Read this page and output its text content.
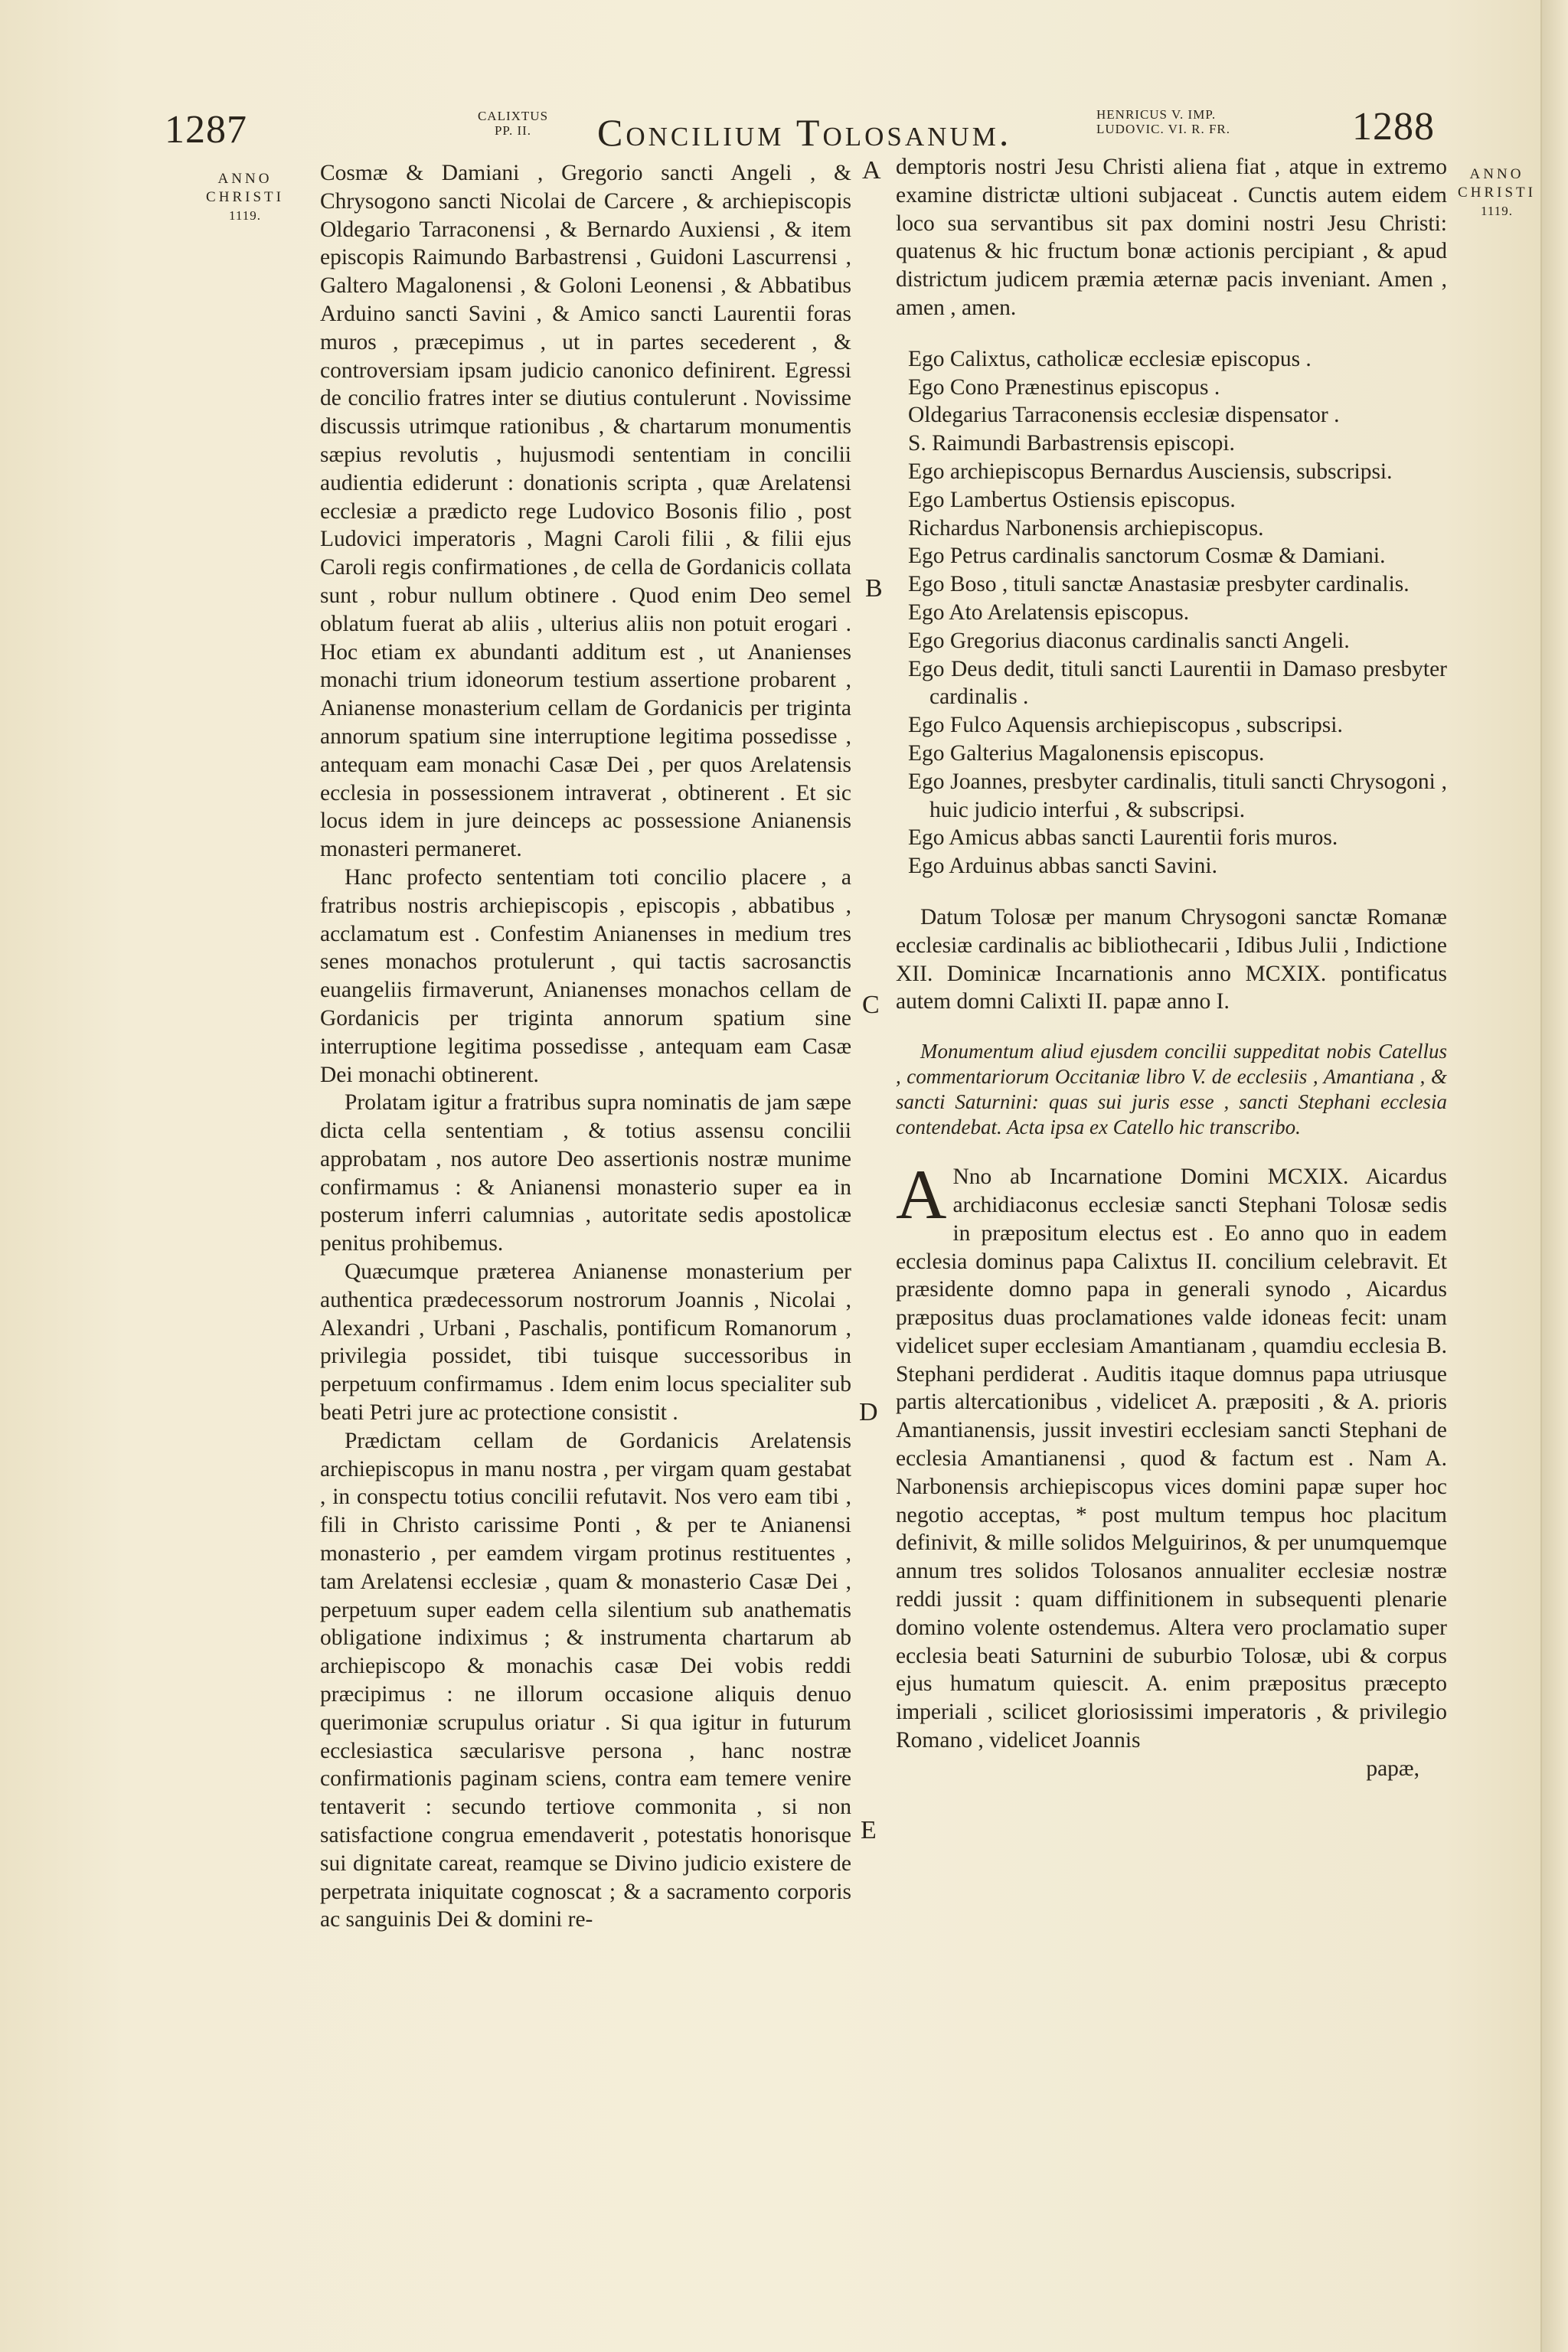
1287	CALIXTUS
PP. II.	Concilium Tolosanum.	HENRICUS V. IMP.
LUDOVIC. VI. R. FR.	1288
ANNO
CHRISTI
1119.
ANNO
CHRISTI
1119.
A
B
C
D
E

Cosmæ & Damiani , Gregorio sancti Angeli , & Chrysogono sancti Nicolai de Carcere , & archiepiscopis Oldegario Tarraconensi , & Bernardo Auxiensi , & item episcopis Raimundo Barbastrensi , Guidoni Lascurrensi , Galtero Magalonensi , & Goloni Leonensi , & Abbatibus Arduino sancti Savini , & Amico sancti Laurentii foras muros , præcepimus , ut in partes secederent , & controversiam ipsam judicio canonico definirent. Egressi de concilio fratres inter se diutius contulerunt . Novissime discussis utrimque rationibus , & chartarum monumentis sæpius revolutis , hujusmodi sententiam in concilii audientia ediderunt : donationis scripta , quæ Arelatensi ecclesiæ a prædicto rege Ludovico Bosonis filio , post Ludovici imperatoris , Magni Caroli filii , & filii ejus Caroli regis confirmationes , de cella de Gordanicis collata sunt , robur nullum obtinere . Quod enim Deo semel oblatum fuerat ab aliis , ulterius aliis non potuit erogari . Hoc etiam ex abundanti additum est , ut Ananienses monachi trium idoneorum testium assertione probarent , Anianense monasterium cellam de Gordanicis per triginta annorum spatium sine interruptione legitima possedisse , antequam eam monachi Casæ Dei , per quos Arelatensis ecclesia in possessionem intraverat , obtinerent . Et sic locus idem in jure deinceps ac possessione Anianensis monasteri permaneret.

Hanc profecto sententiam toti concilio placere , a fratribus nostris archiepiscopis , episcopis , abbatibus , acclamatum est . Confestim Anianenses in medium tres senes monachos protulerunt , qui tactis sacrosanctis euangeliis firmaverunt, Anianenses monachos cellam de Gordanicis per triginta annorum spatium sine interruptione legitima possedisse , antequam eam Casæ Dei monachi obtinerent.

Prolatam igitur a fratribus supra nominatis de jam sæpe dicta cella sententiam , & totius assensu concilii approbatam , nos autore Deo assertionis nostræ munime confirmamus : & Anianensi monasterio super ea in posterum inferri calumnias , autoritate sedis apostolicæ penitus prohibemus.

Quæcumque præterea Anianense monasterium per authentica prædecessorum nostrorum Joannis , Nicolai , Alexandri , Urbani , Paschalis, pontificum Romanorum , privilegia possidet, tibi tuisque successoribus in perpetuum confirmamus . Idem enim locus specialiter sub beati Petri jure ac protectione consistit .

Prædictam cellam de Gordanicis Arelatensis archiepiscopus in manu nostra , per virgam quam gestabat , in conspectu totius concilii refutavit. Nos vero eam tibi , fili in Christo carissime Ponti , & per te Anianensi monasterio , per eamdem virgam protinus restituentes , tam Arelatensi ecclesiæ , quam & monasterio Casæ Dei , perpetuum super eadem cella silentium sub anathematis obligatione indiximus ; & instrumenta chartarum ab archiepiscopo & monachis casæ Dei vobis reddi præcipimus : ne illorum occasione aliquis denuo querimoniæ scrupulus oriatur . Si qua igitur in futurum ecclesiastica sæcularisve persona , hanc nostræ confirmationis paginam sciens, contra eam temere venire tentaverit : secundo tertiove commonita , si non satisfactione congrua emendaverit , potestatis honorisque sui dignitate careat, reamque se Divino judicio existere de perpetrata iniquitate cognoscat ; & a sacramento corporis ac sanguinis Dei & domini re-

demptoris nostri Jesu Christi aliena fiat , atque in extremo examine districtæ ultioni subjaceat . Cunctis autem eidem loco sua servantibus sit pax domini nostri Jesu Christi: quatenus & hic fructum bonæ actionis percipiant , & apud districtum judicem præmia æternæ pacis inveniant. Amen , amen , amen.

Ego Calixtus, catholicæ ecclesiæ episcopus .

Ego Cono Prænestinus episcopus .

Oldegarius Tarraconensis ecclesiæ dispensator .

S. Raimundi Barbastrensis episcopi.

Ego archiepiscopus Bernardus Ausciensis, subscripsi.

Ego Lambertus Ostiensis episcopus.

Richardus Narbonensis archiepiscopus.

Ego Petrus cardinalis sanctorum Cosmæ & Damiani.

Ego Boso , tituli sanctæ Anastasiæ presbyter cardinalis.

Ego Ato Arelatensis episcopus.

Ego Gregorius diaconus cardinalis sancti Angeli.

Ego Deus dedit, tituli sancti Laurentii in Damaso presbyter cardinalis .

Ego Fulco Aquensis archiepiscopus , subscripsi.

Ego Galterius Magalonensis episcopus.

Ego Joannes, presbyter cardinalis, tituli sancti Chrysogoni , huic judicio interfui , & subscripsi.

Ego Amicus abbas sancti Laurentii foris muros.

Ego Arduinus abbas sancti Savini.

Datum Tolosæ per manum Chrysogoni sanctæ Romanæ ecclesiæ cardinalis ac bibliothecarii , Idibus Julii , Indictione XII. Dominicæ Incarnationis anno MCXIX. pontificatus autem domni Calixti II. papæ anno I.

Monumentum aliud ejusdem concilii suppeditat nobis Catellus , commentariorum Occitaniæ libro V. de ecclesiis , Amantiana , & sancti Saturnini: quas sui juris esse , sancti Stephani ecclesia contendebat. Acta ipsa ex Catello hic transcribo.

A Nno ab Incarnatione Domini MCXIX. Aicardus archidiaconus ecclesiæ sancti Stephani Tolosæ sedis in præpositum electus est . Eo anno quo in eadem ecclesia dominus papa Calixtus II. concilium celebravit. Et præsidente domno papa in generali synodo , Aicardus præpositus duas proclamationes valde idoneas fecit: unam videlicet super ecclesiam Amantianam , quamdiu ecclesia B. Stephani perdiderat . Auditis itaque domnus papa utriusque partis altercationibus , videlicet A. præpositi , & A. prioris Amantianensis, jussit investiri ecclesiam sancti Stephani de ecclesia Amantianensi , quod & factum est . Nam A. Narbonensis archiepiscopus vices domini papæ super hoc negotio acceptas, * post multum tempus hoc placitum definivit, & mille solidos Melguirinos, & per unumquemque annum tres solidos Tolosanos annualiter ecclesiæ nostræ reddi jussit : quam diffinitionem in subsequenti plenarie domino volente ostendemus. Altera vero proclamatio super ecclesia beati Saturnini de suburbio Tolosæ, ubi & corpus ejus humatum quiescit. A. enim præpositus præcepto imperiali , scilicet gloriosissimi imperatoris , & privilegio Romano , videlicet Joannis

papæ,
